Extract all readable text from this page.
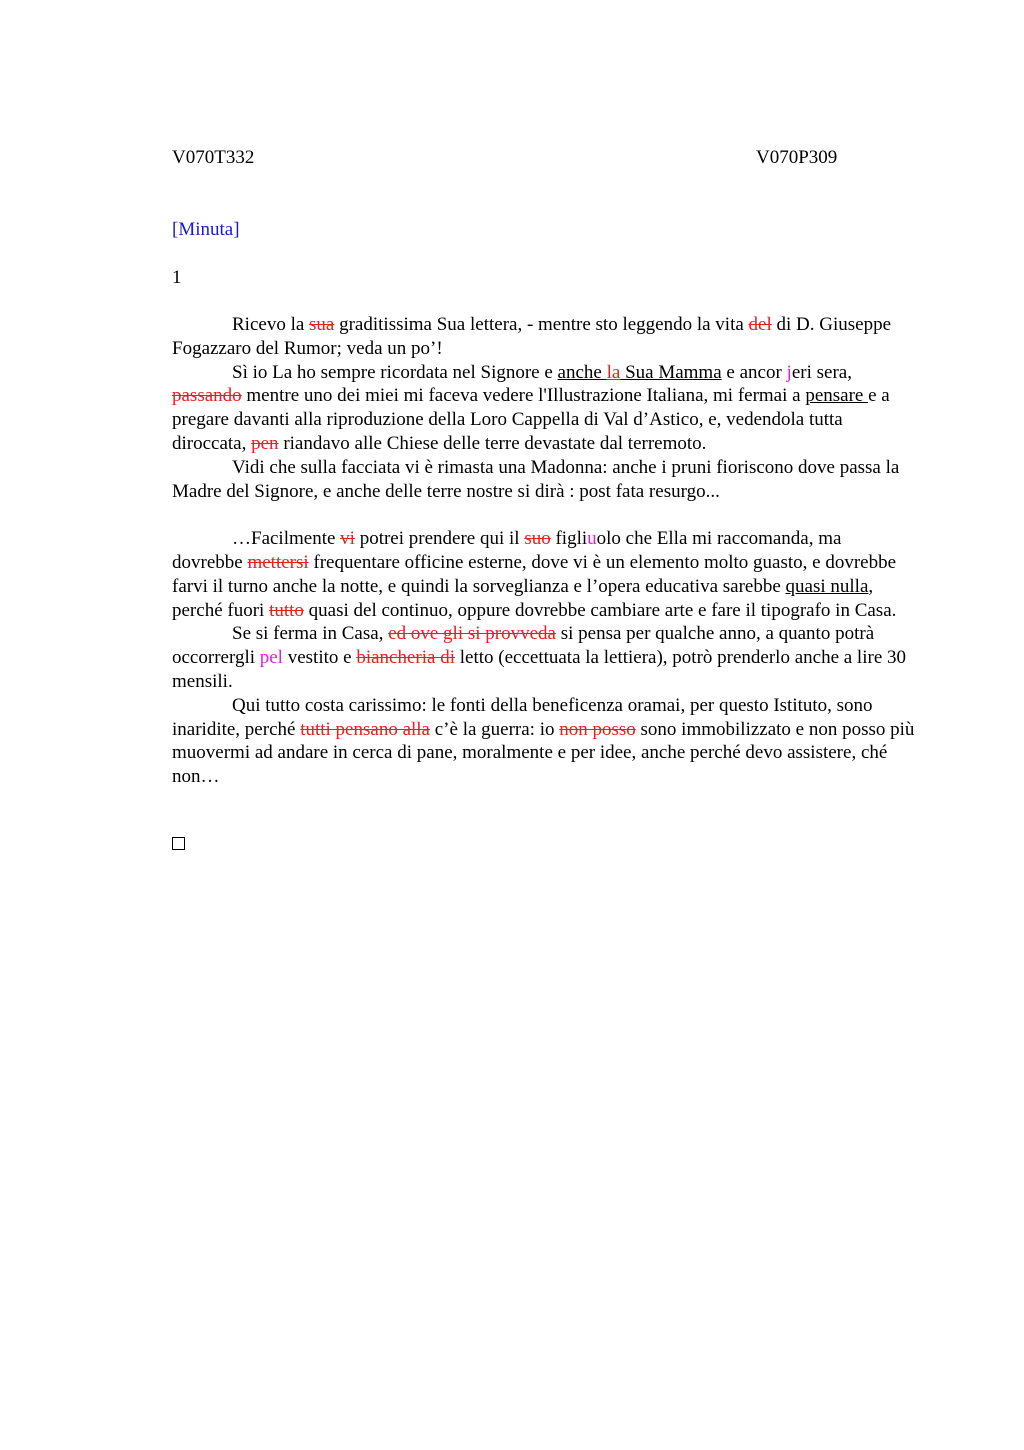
V070T332	V070P309
[Minuta]
1

Ricevo la sua graditissima Sua lettera, - mentre sto leggendo la vita del di D. Giuseppe Fogazzaro del Rumor; veda un po’!

Sì io La ho sempre ricordata nel Signore e anche la Sua Mamma e ancor jeri sera, passando mentre uno dei miei mi faceva vedere l'Illustrazione Italiana, mi fermai a pensare e a pregare davanti alla riproduzione della Loro Cappella di Val d’Astico, e, vedendola tutta diroccata, pen riandavo alle Chiese delle terre devastate dal terremoto.

Vidi che sulla facciata vi è rimasta una Madonna: anche i pruni fioriscono dove passa la Madre del Signore, e anche delle terre nostre si dirà : post fata resurgo...

…Facilmente vi potrei prendere qui il suo figliuolo che Ella mi raccomanda, ma dovrebbe mettersi frequentare officine esterne, dove vi è un elemento molto guasto, e dovrebbe farvi il turno anche la notte, e quindi la sorveglianza e l’opera educativa sarebbe quasi nulla, perché fuori tutto quasi del continuo, oppure dovrebbe cambiare arte e fare il tipografo in Casa.

Se si ferma in Casa, ed ove gli si provveda si pensa per qualche anno, a quanto potrà occorrergli pel vestito e biancheria di letto (eccettuata la lettiera), potrò prenderlo anche a lire 30 mensili.

Qui tutto costa carissimo: le fonti della beneficenza oramai, per questo Istituto, sono inaridite, perché tutti pensano alla c’è la guerra: io non posso sono immobilizzato e non posso più muovermi ad andare in cerca di pane, moralmente e per idee, anche perché devo assistere, ché non…
